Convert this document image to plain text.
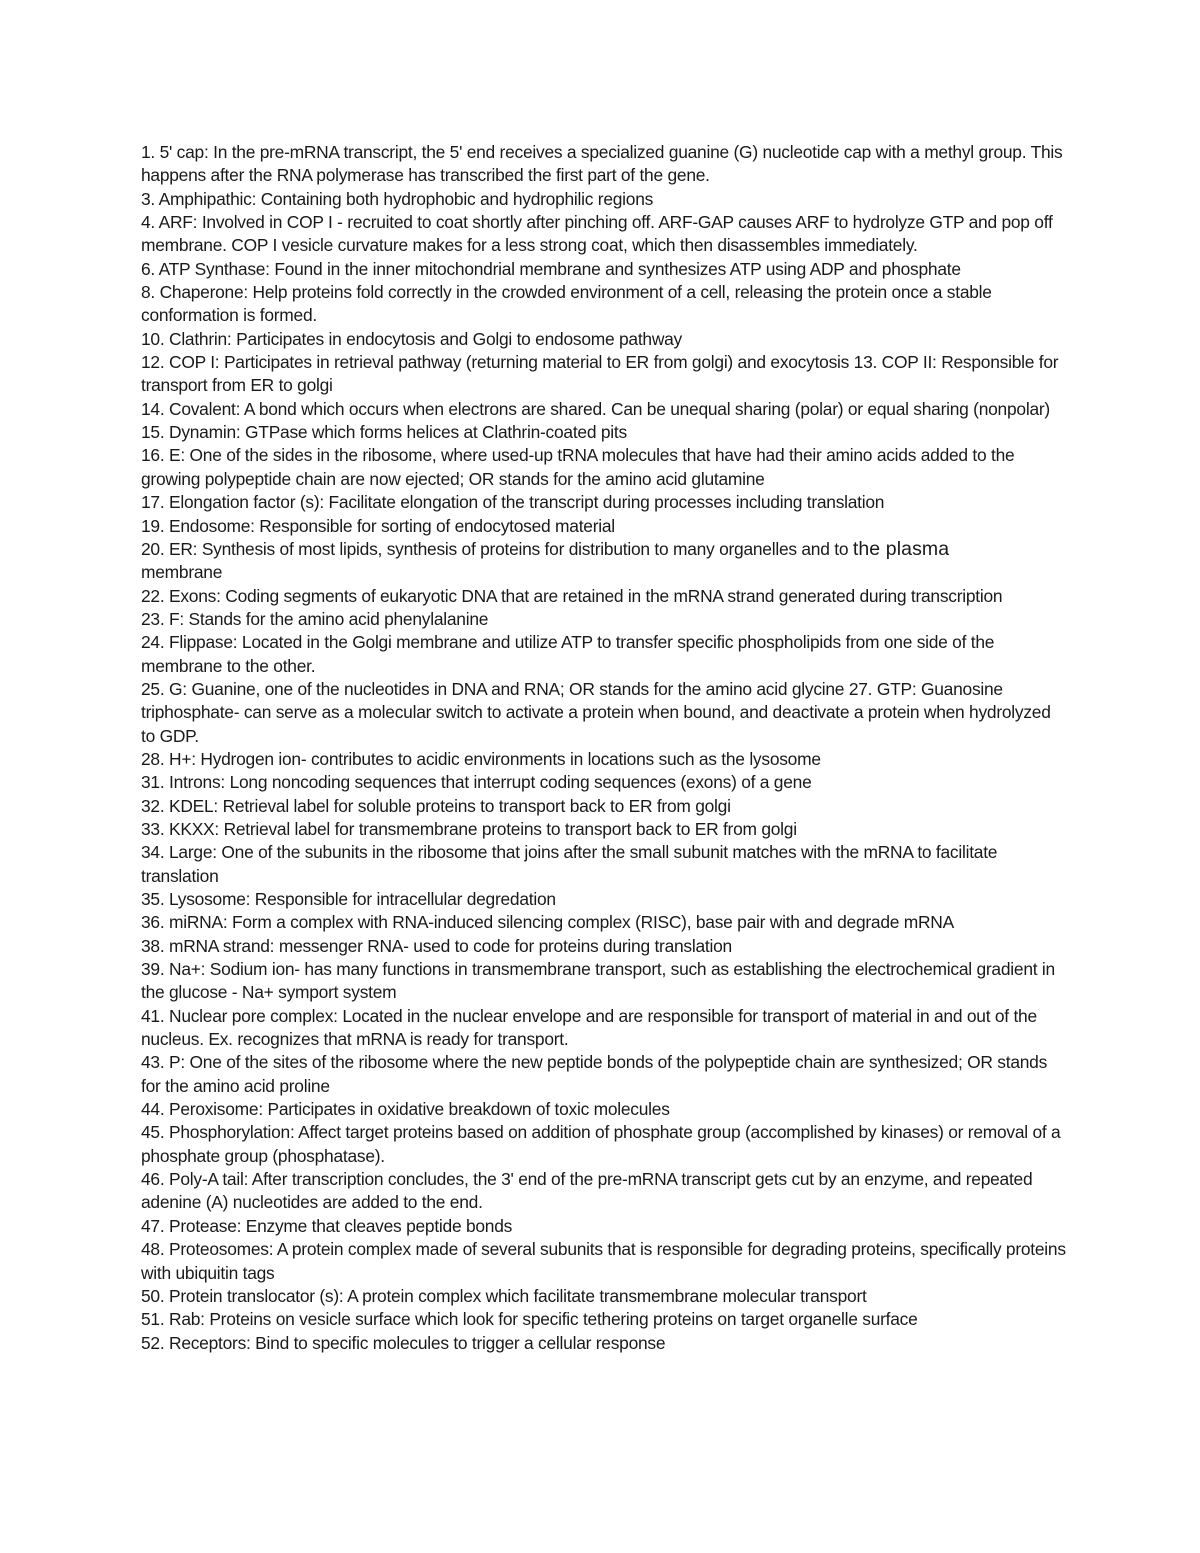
1. 5' cap: In the pre-mRNA transcript, the 5' end receives a specialized guanine (G) nucleotide cap with a methyl group. This happens after the RNA polymerase has transcribed the first part of the gene.
3. Amphipathic: Containing both hydrophobic and hydrophilic regions
4. ARF: Involved in COP I - recruited to coat shortly after pinching off. ARF-GAP causes ARF to hydrolyze GTP and pop off membrane. COP I vesicle curvature makes for a less strong coat, which then disassembles immediately.
6. ATP Synthase: Found in the inner mitochondrial membrane and synthesizes ATP using ADP and phosphate
8. Chaperone: Help proteins fold correctly in the crowded environment of a cell, releasing the protein once a stable conformation is formed.
10. Clathrin: Participates in endocytosis and Golgi to endosome pathway
12. COP I: Participates in retrieval pathway (returning material to ER from golgi) and exocytosis 13. COP II: Responsible for transport from ER to golgi
14. Covalent: A bond which occurs when electrons are shared. Can be unequal sharing (polar) or equal sharing (nonpolar)
15. Dynamin: GTPase which forms helices at Clathrin-coated pits
16. E: One of the sides in the ribosome, where used-up tRNA molecules that have had their amino acids added to the growing polypeptide chain are now ejected; OR stands for the amino acid glutamine
17. Elongation factor (s): Facilitate elongation of the transcript during processes including translation
19. Endosome: Responsible for sorting of endocytosed material
20. ER: Synthesis of most lipids, synthesis of proteins for distribution to many organelles and to the plasma
membrane
22. Exons: Coding segments of eukaryotic DNA that are retained in the mRNA strand generated during transcription
23. F: Stands for the amino acid phenylalanine
24. Flippase: Located in the Golgi membrane and utilize ATP to transfer specific phospholipids from one side of the membrane to the other.
25. G: Guanine, one of the nucleotides in DNA and RNA; OR stands for the amino acid glycine 27. GTP: Guanosine triphosphate- can serve as a molecular switch to activate a protein when bound, and deactivate a protein when hydrolyzed to GDP.
28. H+: Hydrogen ion- contributes to acidic environments in locations such as the lysosome
31. Introns: Long noncoding sequences that interrupt coding sequences (exons) of a gene
32. KDEL: Retrieval label for soluble proteins to transport back to ER from golgi
33. KKXX: Retrieval label for transmembrane proteins to transport back to ER from golgi
34. Large: One of the subunits in the ribosome that joins after the small subunit matches with the mRNA to facilitate translation
35. Lysosome: Responsible for intracellular degredation
36. miRNA: Form a complex with RNA-induced silencing complex (RISC), base pair with and degrade mRNA
38. mRNA strand: messenger RNA- used to code for proteins during translation
39. Na+: Sodium ion- has many functions in transmembrane transport, such as establishing the electrochemical gradient in the glucose - Na+ symport system
41. Nuclear pore complex: Located in the nuclear envelope and are responsible for transport of material in and out of the nucleus. Ex. recognizes that mRNA is ready for transport.
43. P: One of the sites of the ribosome where the new peptide bonds of the polypeptide chain are synthesized; OR stands for the amino acid proline
44. Peroxisome: Participates in oxidative breakdown of toxic molecules
45. Phosphorylation: Affect target proteins based on addition of phosphate group (accomplished by kinases) or removal of a phosphate group (phosphatase).
46. Poly-A tail: After transcription concludes, the 3' end of the pre-mRNA transcript gets cut by an enzyme, and repeated adenine (A) nucleotides are added to the end.
47. Protease: Enzyme that cleaves peptide bonds
48. Proteosomes: A protein complex made of several subunits that is responsible for degrading proteins, specifically proteins with ubiquitin tags
50. Protein translocator (s): A protein complex which facilitate transmembrane molecular transport
51. Rab: Proteins on vesicle surface which look for specific tethering proteins on target organelle surface
52. Receptors: Bind to specific molecules to trigger a cellular response
